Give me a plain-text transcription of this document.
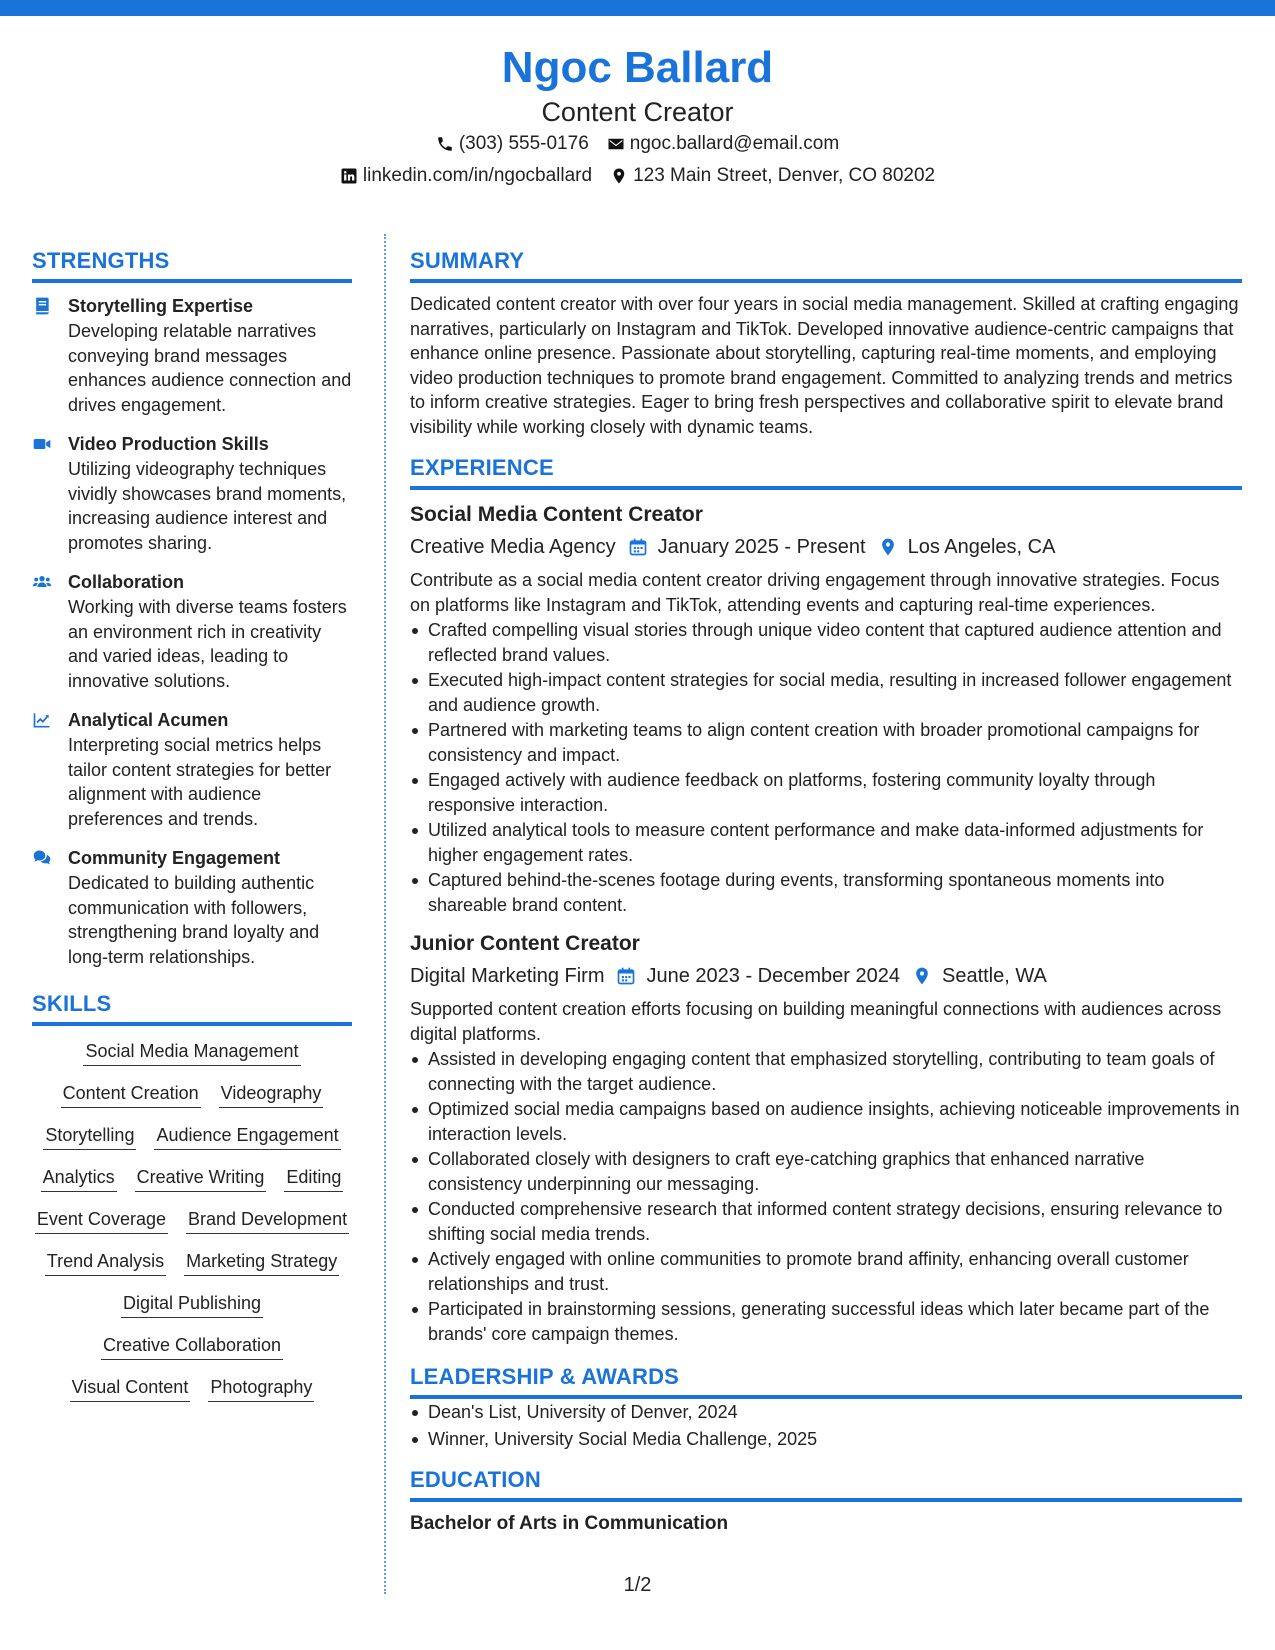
Ngoc Ballard
Content Creator
(303) 555-0176 ngoc.ballard@email.com
linkedin.com/in/ngocballard 123 Main Street, Denver, CO 80202
STRENGTHS
Storytelling Expertise
Developing relatable narratives conveying brand messages enhances audience connection and drives engagement.
Video Production Skills
Utilizing videography techniques vividly showcases brand moments, increasing audience interest and promotes sharing.
Collaboration
Working with diverse teams fosters an environment rich in creativity and varied ideas, leading to innovative solutions.
Analytical Acumen
Interpreting social metrics helps tailor content strategies for better alignment with audience preferences and trends.
Community Engagement
Dedicated to building authentic communication with followers, strengthening brand loyalty and long-term relationships.
SKILLS
Social Media Management
Content Creation Videography
Storytelling Audience Engagement
Analytics Creative Writing Editing
Event Coverage Brand Development
Trend Analysis Marketing Strategy
Digital Publishing
Creative Collaboration
Visual Content Photography
SUMMARY
Dedicated content creator with over four years in social media management. Skilled at crafting engaging narratives, particularly on Instagram and TikTok. Developed innovative audience-centric campaigns that enhance online presence. Passionate about storytelling, capturing real-time moments, and employing video production techniques to promote brand engagement. Committed to analyzing trends and metrics to inform creative strategies. Eager to bring fresh perspectives and collaborative spirit to elevate brand visibility while working closely with dynamic teams.
EXPERIENCE
Social Media Content Creator
Creative Media Agency January 2025 - Present Los Angeles, CA
Contribute as a social media content creator driving engagement through innovative strategies. Focus on platforms like Instagram and TikTok, attending events and capturing real-time experiences.
Crafted compelling visual stories through unique video content that captured audience attention and reflected brand values.
Executed high-impact content strategies for social media, resulting in increased follower engagement and audience growth.
Partnered with marketing teams to align content creation with broader promotional campaigns for consistency and impact.
Engaged actively with audience feedback on platforms, fostering community loyalty through responsive interaction.
Utilized analytical tools to measure content performance and make data-informed adjustments for higher engagement rates.
Captured behind-the-scenes footage during events, transforming spontaneous moments into shareable brand content.
Junior Content Creator
Digital Marketing Firm June 2023 - December 2024 Seattle, WA
Supported content creation efforts focusing on building meaningful connections with audiences across digital platforms.
Assisted in developing engaging content that emphasized storytelling, contributing to team goals of connecting with the target audience.
Optimized social media campaigns based on audience insights, achieving noticeable improvements in interaction levels.
Collaborated closely with designers to craft eye-catching graphics that enhanced narrative consistency underpinning our messaging.
Conducted comprehensive research that informed content strategy decisions, ensuring relevance to shifting social media trends.
Actively engaged with online communities to promote brand affinity, enhancing overall customer relationships and trust.
Participated in brainstorming sessions, generating successful ideas which later became part of the brands' core campaign themes.
LEADERSHIP & AWARDS
Dean's List, University of Denver, 2024
Winner, University Social Media Challenge, 2025
EDUCATION
Bachelor of Arts in Communication
1/2
